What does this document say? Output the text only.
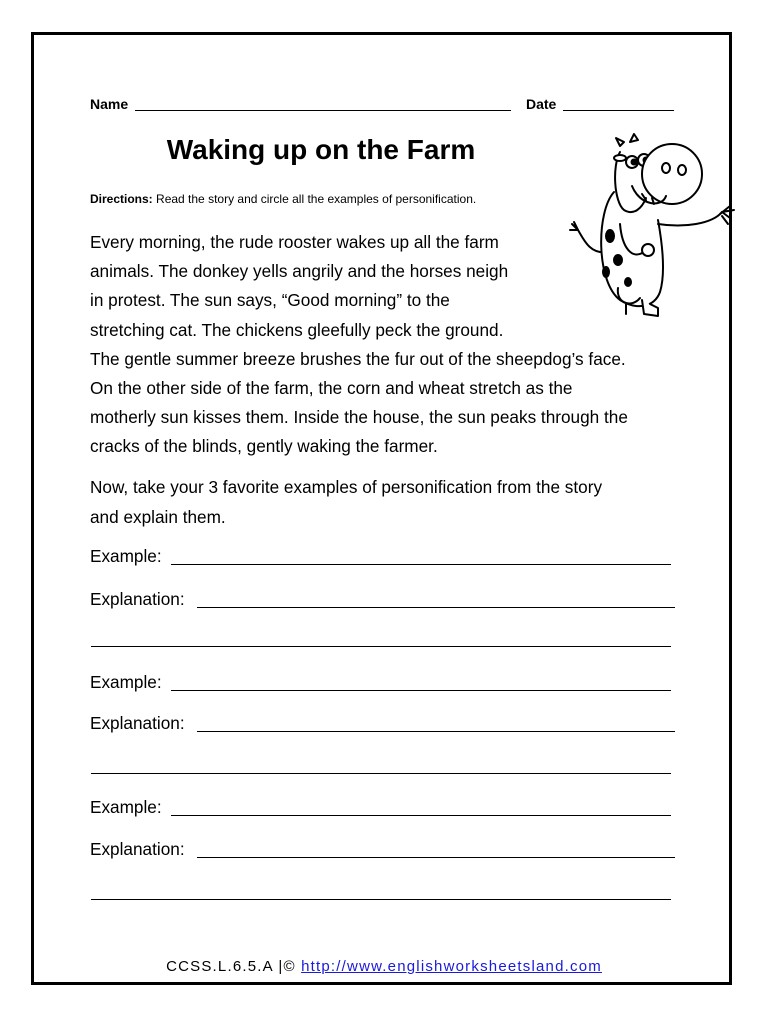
Name	Date
Waking up on the Farm
Directions: Read the story and circle all the examples of personification.
Every morning, the rude rooster wakes up all the farm
animals. The donkey yells angrily and the horses neigh
in protest. The sun says, “Good morning” to the
stretching cat. The chickens gleefully peck the ground.
The gentle summer breeze brushes the fur out of the sheepdog’s face.
On the other side of the farm, the corn and wheat stretch as the
motherly sun kisses them. Inside the house, the sun peaks through the
cracks of the blinds, gently waking the farmer.
Now, take your 3 favorite examples of personification from the story
and explain them.
Example:
Explanation:
Example:
Explanation:
Example:
Explanation:
CCSS.L.6.5.A |© http://www.englishworksheetsland.com
